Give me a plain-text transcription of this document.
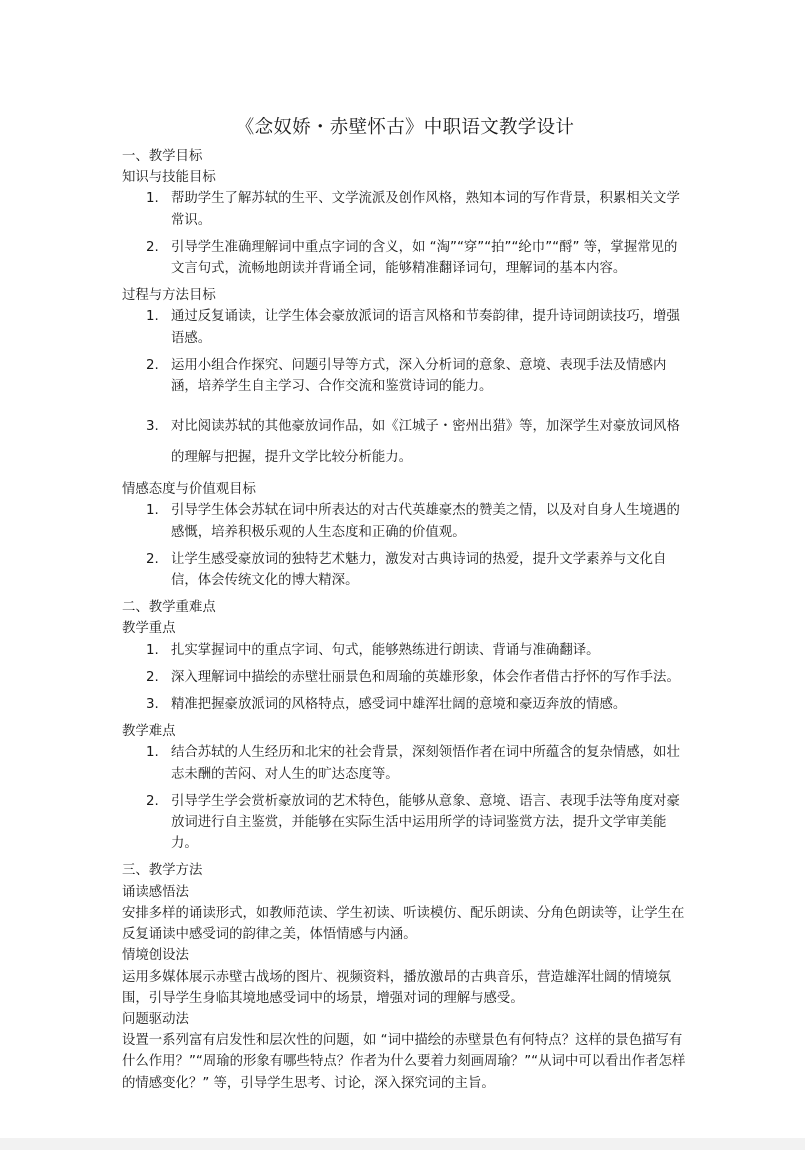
《念奴娇・赤壁怀古》中职语文教学设计
一、教学目标
知识与技能目标
1. 帮助学生了解苏轼的生平、文学流派及创作风格，熟知本词的写作背景，积累相关文学常识。
2. 引导学生准确理解词中重点字词的含义，如 “淘”“穿”“拍”“纶巾”“酹” 等，掌握常见的文言句式，流畅地朗读并背诵全词，能够精准翻译词句，理解词的基本内容。
过程与方法目标
1. 通过反复诵读，让学生体会豪放派词的语言风格和节奏韵律，提升诗词朗读技巧，增强语感。
2. 运用小组合作探究、问题引导等方式，深入分析词的意象、意境、表现手法及情感内涵，培养学生自主学习、合作交流和鉴赏诗词的能力。
3. 对比阅读苏轼的其他豪放词作品，如《江城子・密州出猎》等，加深学生对豪放词风格的理解与把握，提升文学比较分析能力。
情感态度与价值观目标
1. 引导学生体会苏轼在词中所表达的对古代英雄豪杰的赞美之情，以及对自身人生境遇的感慨，培养积极乐观的人生态度和正确的价值观。
2. 让学生感受豪放词的独特艺术魅力，激发对古典诗词的热爱，提升文学素养与文化自信，体会传统文化的博大精深。
二、教学重难点
教学重点
1. 扎实掌握词中的重点字词、句式，能够熟练进行朗读、背诵与准确翻译。
2. 深入理解词中描绘的赤壁壮丽景色和周瑜的英雄形象，体会作者借古抒怀的写作手法。
3. 精准把握豪放派词的风格特点，感受词中雄浑壮阔的意境和豪迈奔放的情感。
教学难点
1. 结合苏轼的人生经历和北宋的社会背景，深刻领悟作者在词中所蕴含的复杂情感，如壮志未酬的苦闷、对人生的旷达态度等。
2. 引导学生学会赏析豪放词的艺术特色，能够从意象、意境、语言、表现手法等角度对豪放词进行自主鉴赏，并能够在实际生活中运用所学的诗词鉴赏方法，提升文学审美能力。
三、教学方法
诵读感悟法

安排多样的诵读形式，如教师范读、学生初读、听读模仿、配乐朗读、分角色朗读等，让学生在反复诵读中感受词的韵律之美，体悟情感与内涵。

情境创设法

运用多媒体展示赤壁古战场的图片、视频资料，播放激昂的古典音乐，营造雄浑壮阔的情境氛围，引导学生身临其境地感受词中的场景，增强对词的理解与感受。

问题驱动法

设置一系列富有启发性和层次性的问题，如 “词中描绘的赤壁景色有何特点？这样的景色描写有什么作用？”“周瑜的形象有哪些特点？作者为什么要着力刻画周瑜？”“从词中可以看出作者怎样的情感变化？” 等，引导学生思考、讨论，深入探究词的主旨。
